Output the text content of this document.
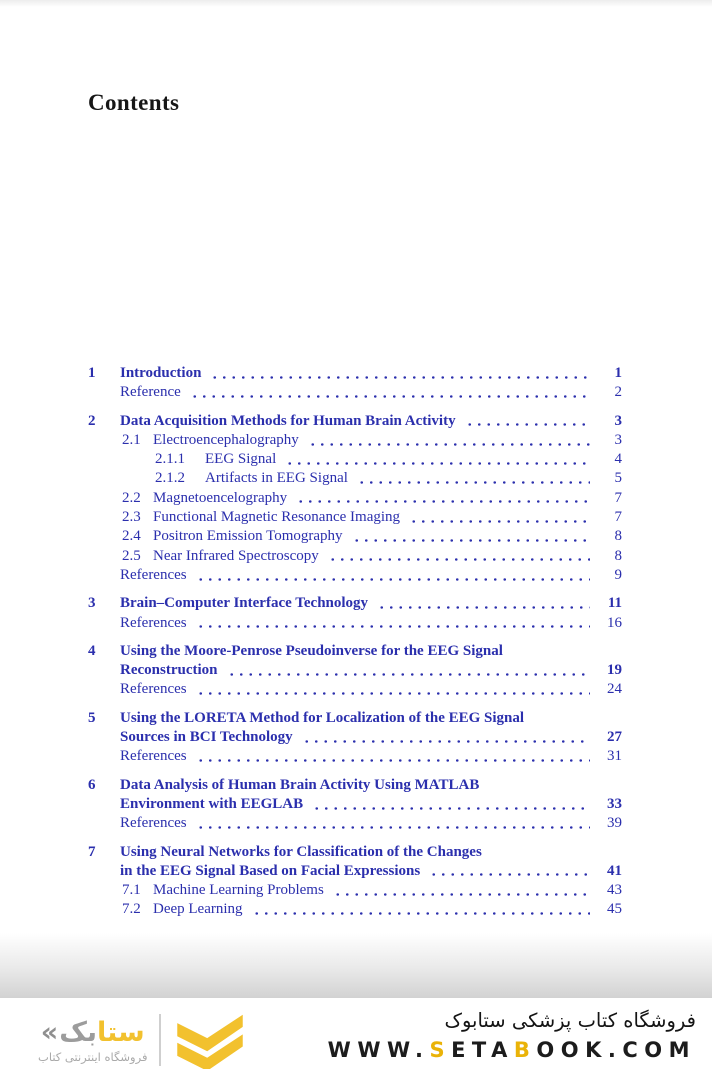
Contents
1	Introduction	1
Reference	2
2	Data Acquisition Methods for Human Brain Activity	3
2.1 Electroencephalography	3
2.1.1	EEG Signal	4
2.1.2	Artifacts in EEG Signal	5
2.2 Magnetoencelography	7
2.3 Functional Magnetic Resonance Imaging	7
2.4 Positron Emission Tomography	8
2.5 Near Infrared Spectroscopy	8
References	9
3	Brain–Computer Interface Technology	11
References	16
4	Using the Moore-Penrose Pseudoinverse for the EEG Signal
Reconstruction	19
References	24
5	Using the LORETA Method for Localization of the EEG Signal
Sources in BCI Technology	27
References	31
6	Data Analysis of Human Brain Activity Using MATLAB
Environment with EEGLAB	33
References	39
7	Using Neural Networks for Classification of the Changes
in the EEG Signal Based on Facial Expressions	41
7.1 Machine Learning Problems	43
7.2 Deep Learning	45
«	ستابک
فروشگاه اینترنتی کتاب
فروشگاه کتاب پزشکی ستابوک
WWW.SETABOOK.COM
